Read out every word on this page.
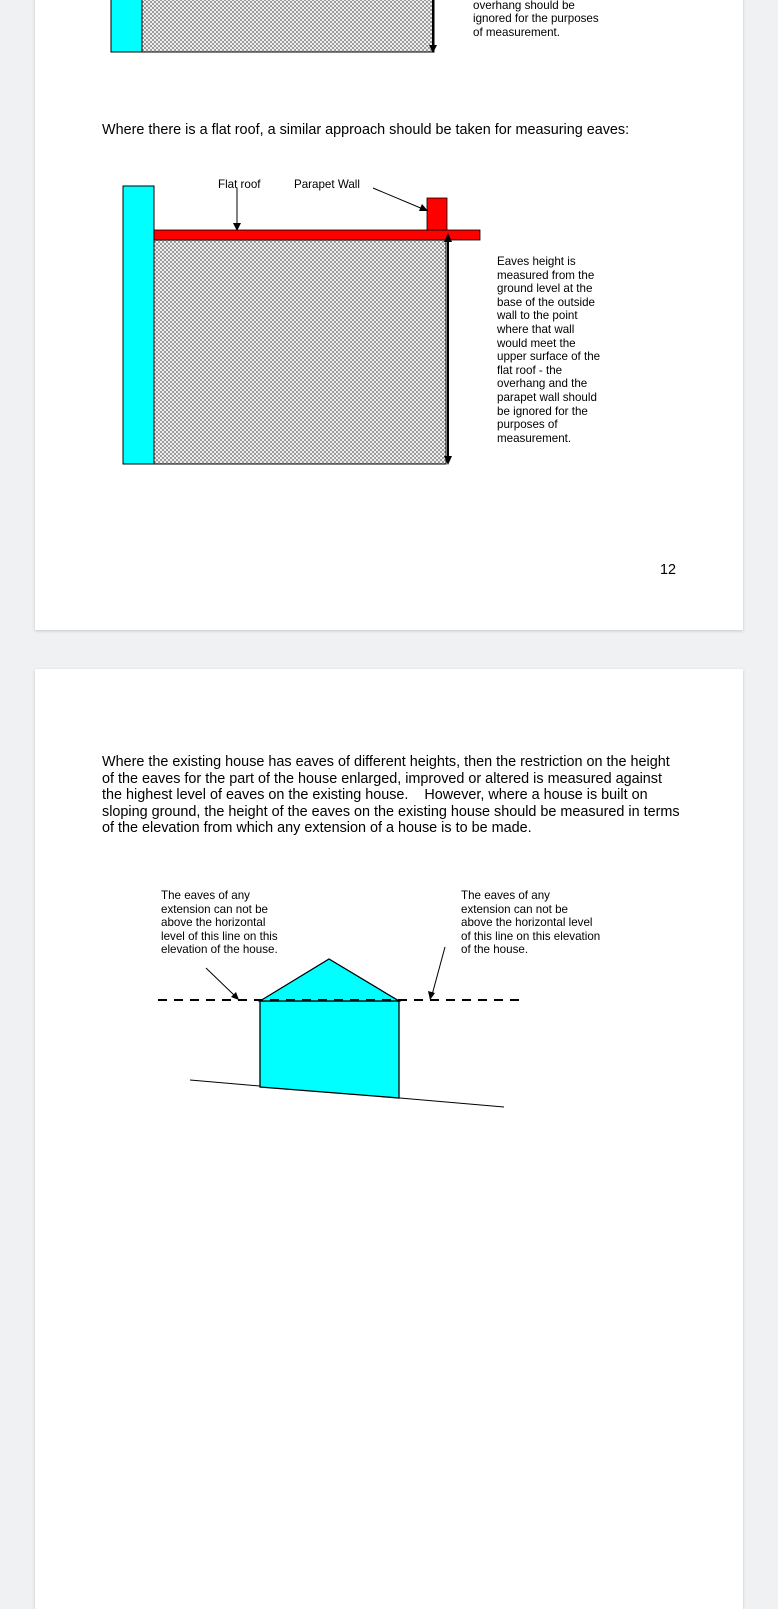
overhang should be
ignored for the purposes
of measurement.

Where there is a flat roof, a similar approach should be taken for measuring eaves:

Flat roof	Parapet Wall
Eaves height is
measured from the
ground level at the
base of the outside
wall to the point
where that wall
would meet the
upper surface of the
flat roof - the
overhang and the
parapet wall should
be ignored for the
purposes of
measurement.
12
Where the existing house has eaves of different heights, then the restriction on the height
of the eaves for the part of the house enlarged, improved or altered is measured against
the highest level of eaves on the existing house.    However, where a house is built on
sloping ground, the height of the eaves on the existing house should be measured in terms
of the elevation from which any extension of a house is to be made.
The eaves of any
extension can not be
above the horizontal
level of this line on this
elevation of the house.
The eaves of any
extension can not be
above the horizontal level
of this line on this elevation
of the house.
